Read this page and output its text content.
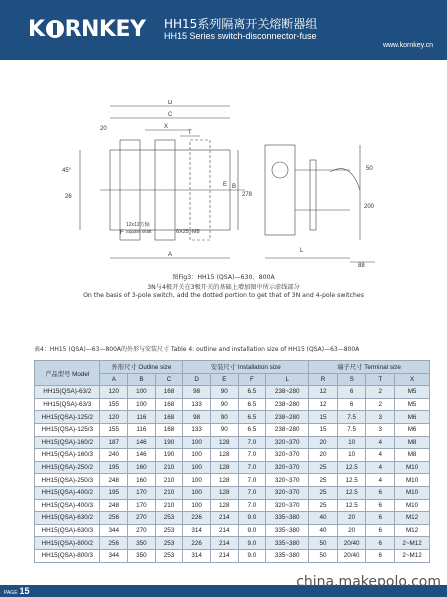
K RNKEY HH15系列隔离开关熔断器组
HH15 Series switch-disconnector-fuse
www.kornkey.cn
D
C
X
T
20
45°
26
B
E
278
50
200
F
A
L
88
12x12方轴
Square shaft	6X25~M8
图Fig3：HH15 (QSA)—630、800A
3N与4极开关在3极开关的基础上增加图中所示虚线部分
On the basis of 3-pole switch, add the dotted portion to get that of 3N and 4-pole switches
表4：HH15 (QSA)—63—800A的外形与安装尺寸 Table 4: outline and installation size of HH15 (QSA)—63—800A
产品型号 Model	外形尺寸 Outline size			安装尺寸 Installation size				端子尺寸 Terminal size			
	A	B	C	D	E	F	L	R	S	T	X
HH15(QSA)-63/2	120	100	168	98	90	6.5	238~280	12	6	2	M5
HH15(QSA)-63/3	155	100	168	133	90	6.5	238~280	12	6	2	M5
HH15(QSA)-125/2	120	116	168	98	90	6.5	238~280	15	7.5	3	M6
HH15(QSA)-125/3	155	116	168	133	90	6.5	238~280	15	7.5	3	M6
HH15(QSA)-160/2	187	146	190	100	128	7.0	320~370	20	10	4	M8
HH15(QSA)-160/3	240	146	190	100	128	7.0	320~370	20	10	4	M8
HH15(QSA)-250/2	195	160	210	100	128	7.0	320~370	25	12.5	4	M10
HH15(QSA)-250/3	248	160	210	100	128	7.0	320~370	25	12.5	4	M10
HH15(QSA)-400/2	195	170	210	100	128	7.0	320~370	25	12.5	6	M10
HH15(QSA)-400/3	248	170	210	100	128	7.0	320~370	25	12.5	6	M10
HH15(QSA)-630/2	256	270	253	226	214	9.0	335~380	40	20	6	M12
HH15(QSA)-630/3	344	270	253	314	214	9.0	335~380	40	20	6	M12
HH15(QSA)-800/2	256	350	253	226	214	9.0	335~380	50	20/40	6	2~M12
HH15(QSA)-800/3	344	350	253	314	214	9.0	335~380	50	20/40	6	2~M12
PAGE 15
china.makepolo.com
